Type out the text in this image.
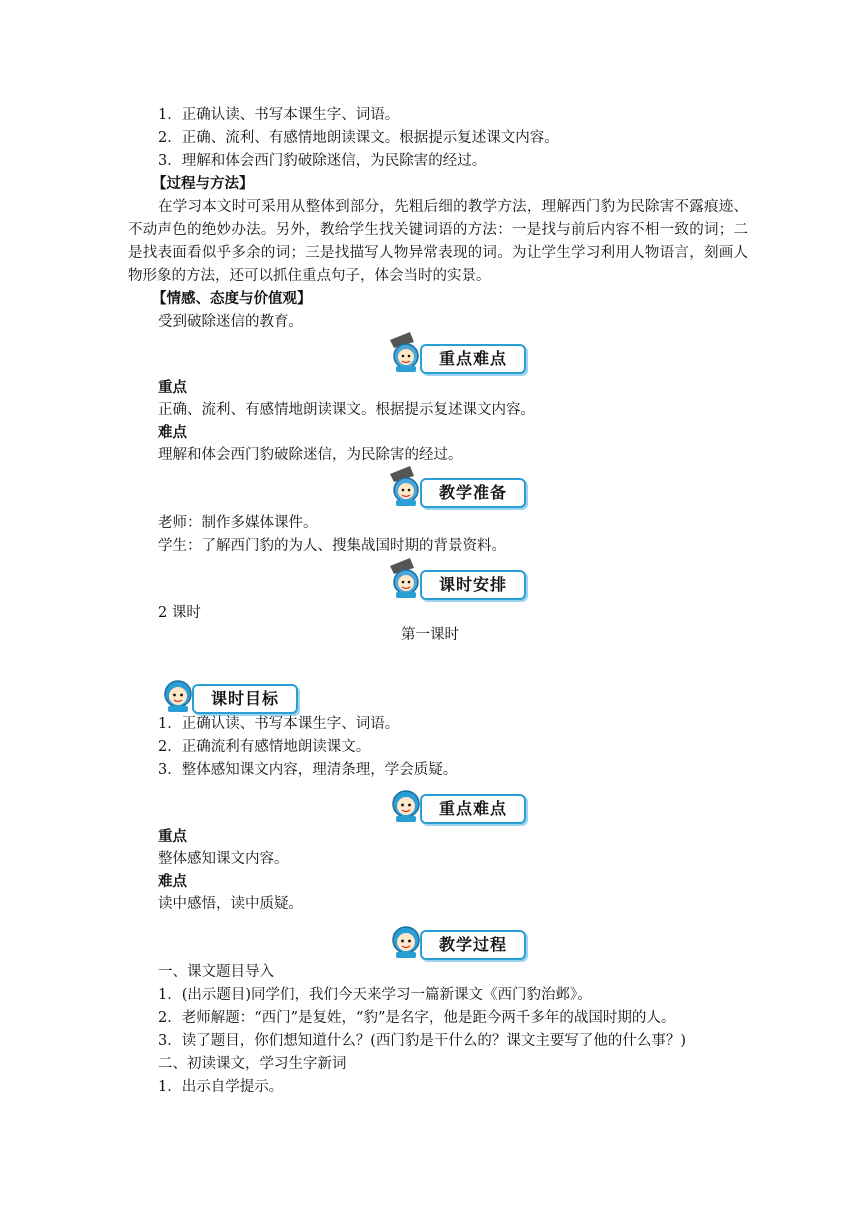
1．正确认读、书写本课生字、词语。
2．正确、流利、有感情地朗读课文。根据提示复述课文内容。
3．理解和体会西门豹破除迷信，为民除害的经过。
【过程与方法】
在学习本文时可采用从整体到部分，先粗后细的教学方法，理解西门豹为民除害不露痕迹、不动声色的绝妙办法。另外，教给学生找关键词语的方法：一是找与前后内容不相一致的词；二是找表面看似乎多余的词；三是找描写人物异常表现的词。为让学生学习利用人物语言，刻画人物形象的方法，还可以抓住重点句子，体会当时的实景。
【情感、态度与价值观】
受到破除迷信的教育。
重点难点
重点
正确、流利、有感情地朗读课文。根据提示复述课文内容。
难点
理解和体会西门豹破除迷信，为民除害的经过。
教学准备
老师：制作多媒体课件。
学生：了解西门豹的为人、搜集战国时期的背景资料。
课时安排
2 课时
第一课时
课时目标
1．正确认读、书写本课生字、词语。
2．正确流利有感情地朗读课文。
3．整体感知课文内容，理清条理，学会质疑。
重点难点
重点
整体感知课文内容。
难点
读中感悟，读中质疑。
教学过程
一、课文题目导入
1．(出示题目)同学们，我们今天来学习一篇新课文《西门豹治邺》。
2．老师解题：“西门”是复姓，“豹”是名字，他是距今两千多年的战国时期的人。
3．读了题目，你们想知道什么？(西门豹是干什么的？课文主要写了他的什么事？)
二、初读课文，学习生字新词
1．出示自学提示。
